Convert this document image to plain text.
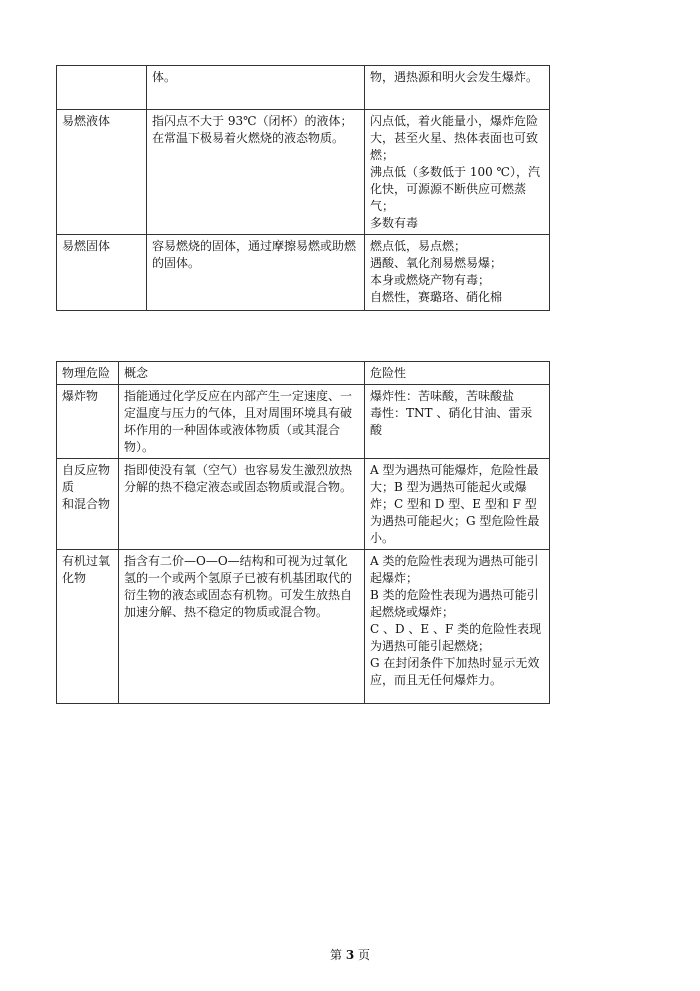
	体。	物，遇热源和明火会发生爆炸。

易燃液体	指闪点不大于 93℃（闭杯）的液体；在常温下极易着火燃烧的液态物质。	闪点低，着火能量小，爆炸危险大，甚至火星、热体表面也可致燃；
沸点低（多数低于 100 ℃），汽化快，可源源不断供应可燃蒸气；
多数有毒

易燃固体	容易燃烧的固体，通过摩擦易燃或助燃的固体。	燃点低，易点燃；
遇酸、氧化剂易燃易爆；
本身或燃烧产物有毒；
自燃性，赛璐珞、硝化棉
物理危险	概念	危险性

爆炸物	指能通过化学反应在内部产生一定速度、一定温度与压力的气体，且对周围环境具有破坏作用的一种固体或液体物质（或其混合物）。	爆炸性：苦味酸，苦味酸盐
毒性：TNT 、硝化甘油、雷汞酸

自反应物质
和混合物	指即使没有氧（空气）也容易发生激烈放热分解的热不稳定液态或固态物质或混合物。	A 型为遇热可能爆炸，危险性最大；B 型为遇热可能起火或爆炸；C 型和 D 型、E 型和 F 型为遇热可能起火；G 型危险性最小。

有机过氧化物	指含有二价—O—O—结构和可视为过氧化氢的一个或两个氢原子已被有机基团取代的衍生物的液态或固态有机物。可发生放热自加速分解、热不稳定的物质或混合物。	A 类的危险性表现为遇热可能引起爆炸；
B 类的危险性表现为遇热可能引起燃烧或爆炸；
C 、D 、E 、F 类的危险性表现为遇热可能引起燃烧；
G 在封闭条件下加热时显示无效应，而且无任何爆炸力。
第 3 页
